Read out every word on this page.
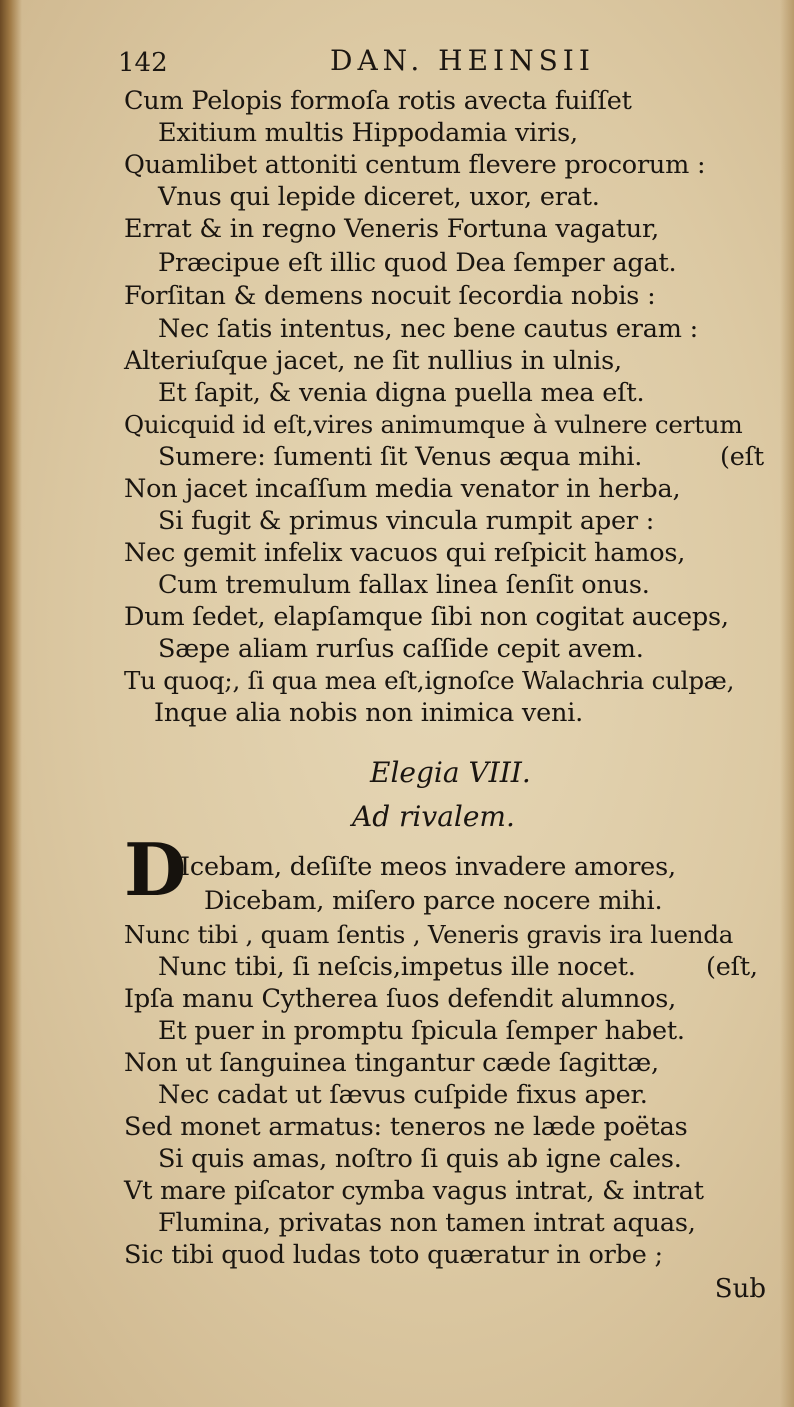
142	DAN. HEINSII
Cum Pelopis formoſa rotis avecta fuiſſet
Exitium multis Hippodamia viris,
Quamlibet attoniti centum flevere procorum :
Vnus qui lepide diceret, uxor, erat.
Errat & in regno Veneris Fortuna vagatur,
Præcipue eſt illic quod Dea ſemper agat.
Forſitan & demens nocuit ſecordia nobis :
Nec ſatis intentus, nec bene cautus eram :
Alteriuſque jacet, ne ſit nullius in ulnis,
Et ſapit, & venia digna puella mea eſt.
Quicquid id eſt,vires animumque à vulnere certum
Sumere: ſumenti ſit Venus æqua mihi.	(eſt
Non jacet incaſſum media venator in herba,
Si fugit & primus vincula rumpit aper :
Nec gemit infelix vacuos qui reſpicit hamos,
Cum tremulum fallax linea ſenſit onus.
Dum ſedet, elapſamque ſibi non cogitat auceps,
Sæpe aliam rurſus caſſide cepit avem.
Tu quoq;, ſi qua mea eſt,ignoſce Walachria culpæ,
Inque alia nobis non inimica veni.
Elegia VIII.
Ad rivalem.
D
Icebam, deſiſte meos invadere amores,
Dicebam, miſero parce nocere mihi.
Nunc tibi , quam ſentis , Veneris gravis ira luenda
Nunc tibi, ſi neſcis,impetus ille nocet.	(eſt,
Ipſa manu Cytherea ſuos defendit alumnos,
Et puer in promptu ſpicula ſemper habet.
Non ut ſanguinea tingantur cæde ſagittæ,
Nec cadat ut ſævus cuſpide fixus aper.
Sed monet armatus: teneros ne lædе poëtas
Si quis amas, noſtro ſi quis ab igne cales.
Vt mare piſcator cymba vagus intrat, & intrat
Flumina, privatas non tamen intrat aquas,
Sic tibi quod ludas toto quæratur in orbe ;
Sub
